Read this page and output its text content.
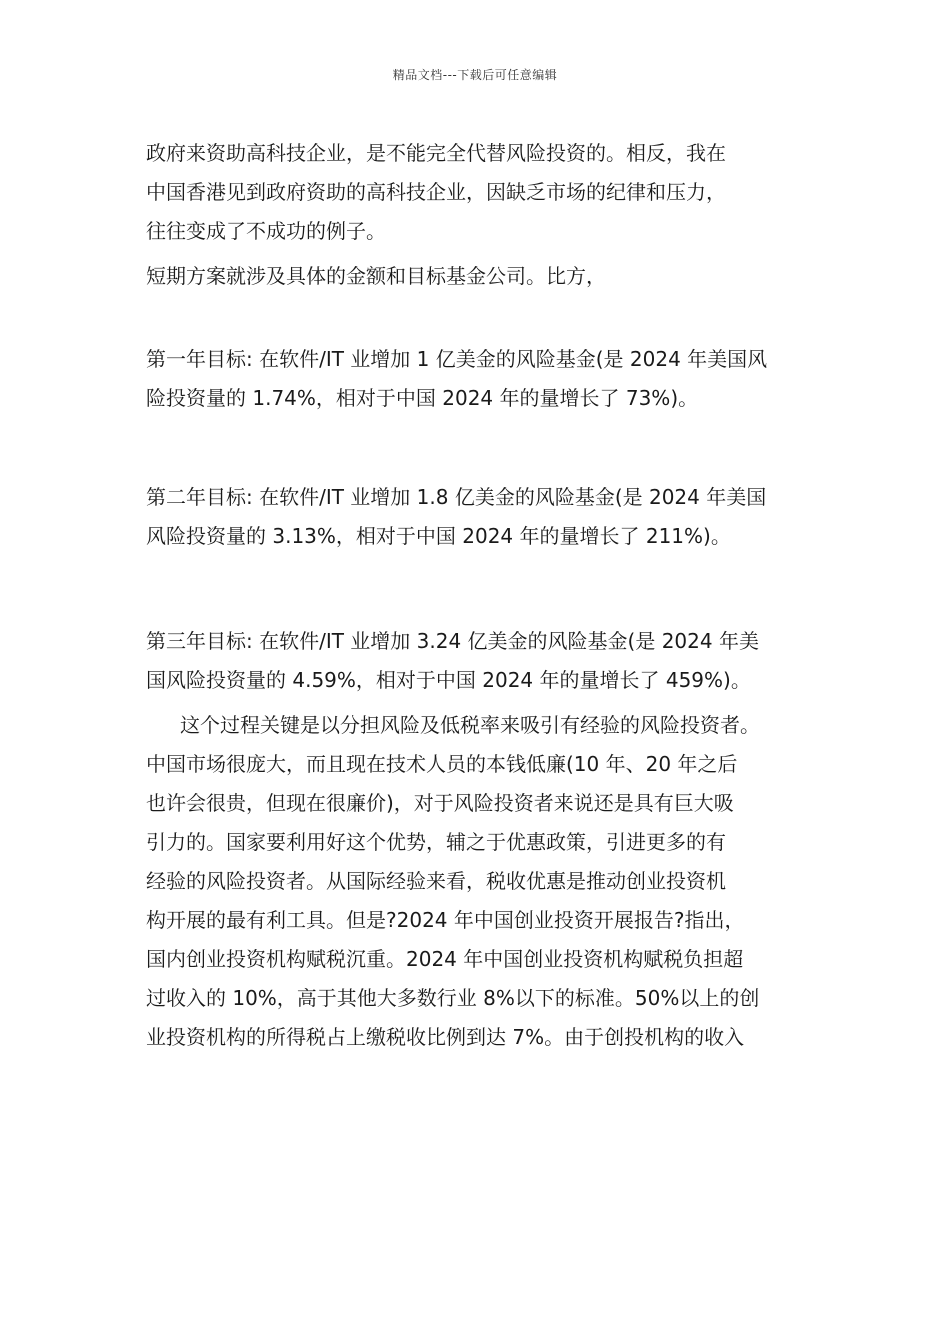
精品文档---下载后可任意编辑
政府来资助高科技企业，是不能完全代替风险投资的。相反，我在
中国香港见到政府资助的高科技企业，因缺乏市场的纪律和压力，
往往变成了不成功的例子。
短期方案就涉及具体的金额和目标基金公司。比方，
第一年目标: 在软件/IT 业增加 1 亿美金的风险基金(是 2024 年美国风
险投资量的 1.74%，相对于中国 2024 年的量增长了 73%)。
第二年目标: 在软件/IT 业增加 1.8 亿美金的风险基金(是 2024 年美国
风险投资量的 3.13%，相对于中国 2024 年的量增长了 211%)。
第三年目标: 在软件/IT 业增加 3.24 亿美金的风险基金(是 2024 年美
国风险投资量的 4.59%，相对于中国 2024 年的量增长了 459%)。
这个过程关键是以分担风险及低税率来吸引有经验的风险投资者。
中国市场很庞大，而且现在技术人员的本钱低廉(10 年、20 年之后
也许会很贵，但现在很廉价)，对于风险投资者来说还是具有巨大吸
引力的。国家要利用好这个优势，辅之于优惠政策，引进更多的有
经验的风险投资者。从国际经验来看，税收优惠是推动创业投资机
构开展的最有利工具。但是?2024 年中国创业投资开展报告?指出，
国内创业投资机构赋税沉重。2024 年中国创业投资机构赋税负担超
过收入的 10%，高于其他大多数行业 8%以下的标准。50%以上的创
业投资机构的所得税占上缴税收比例到达 7%。由于创投机构的收入
